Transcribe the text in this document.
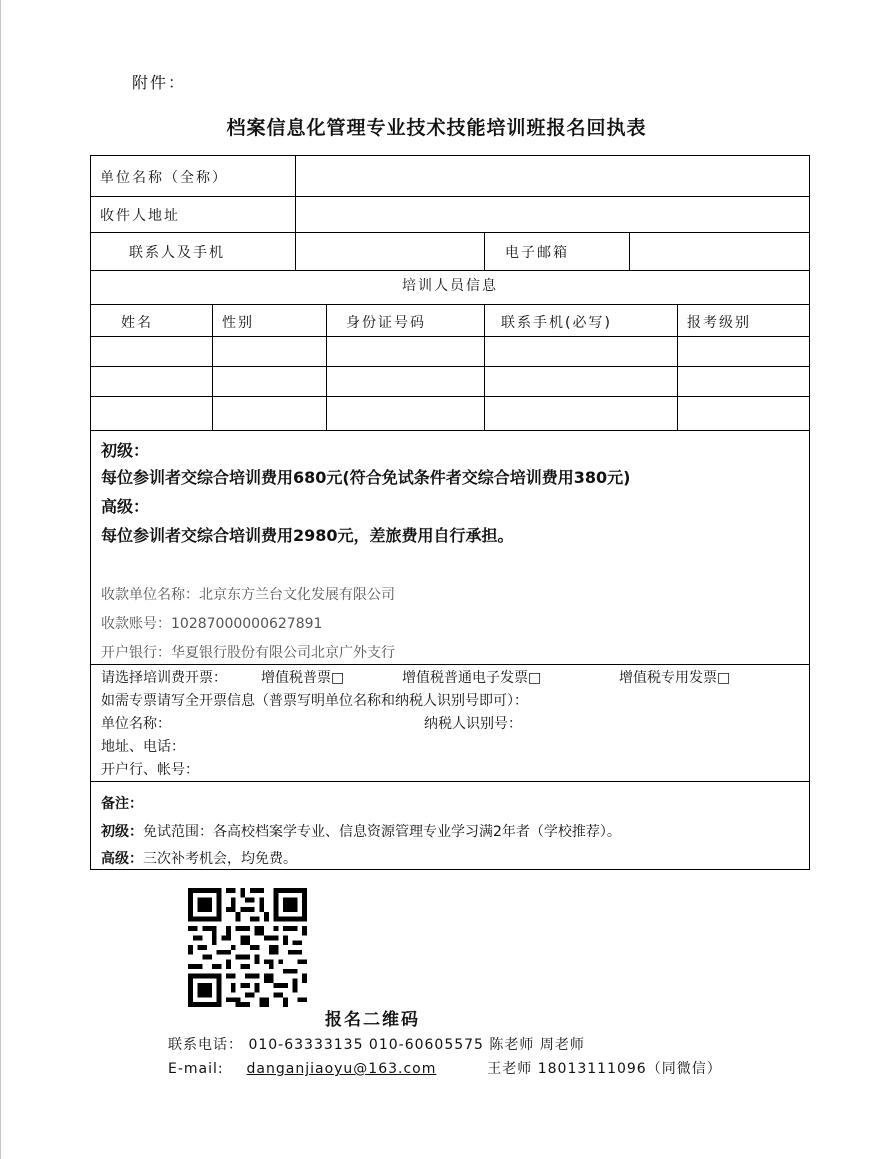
附件：
档案信息化管理专业技术技能培训班报名回执表
单位名称（全称）
收件人地址
联系人及手机	电子邮箱
培训人员信息
姓名	性别	身份证号码	联系手机(必写)	报考级别
初级：
每位参训者交综合培训费用680元(符合免试条件者交综合培训费用380元)
高级：
每位参训者交综合培训费用2980元，差旅费用自行承担。
收款单位名称：北京东方兰台文化发展有限公司
收款账号：10287000000627891
开户银行：华夏银行股份有限公司北京广外支行
请选择培训费开票： 增值税普票□	增值税普通电子发票□	增值税专用发票□
如需专票请写全开票信息（普票写明单位名称和纳税人识别号即可）：
单位名称：	纳税人识别号：
地址、电话：
开户行、帐号：
备注：
初级：免试范围：各高校档案学专业、信息资源管理专业学习满2年者（学校推荐）。
高级：三次补考机会，均免费。
报名二维码
联系电话： 010-63333135 010-60605575 陈老师 周老师
E-mail: danganjiaoyu@163.com	王老师 18013111096（同微信）
